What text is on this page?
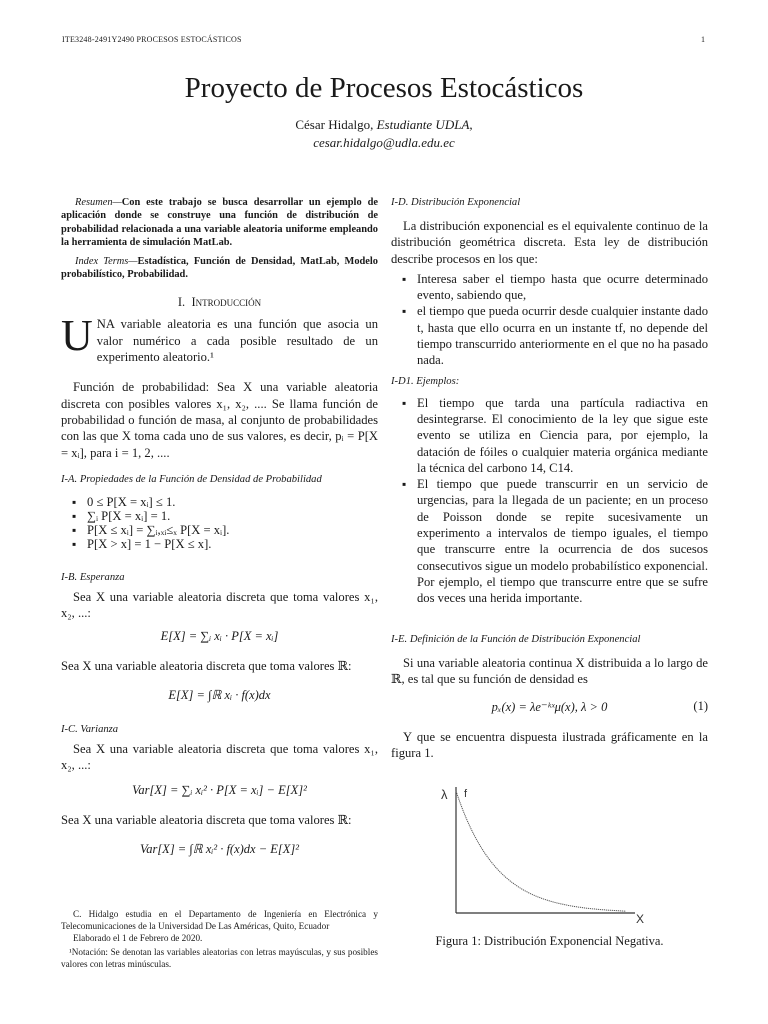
ITE3248-2491Y2490 PROCESOS ESTOCÁSTICOS	1
Proyecto de Procesos Estocásticos
César Hidalgo, Estudiante UDLA,
cesar.hidalgo@udla.edu.ec
Resumen—Con este trabajo se busca desarrollar un ejemplo de aplicación donde se construye una función de distribución de probabilidad relacionada a una variable aleatoria uniforme empleando la herramienta de simulación MatLab.
Index Terms—Estadística, Función de Densidad, MatLab, Modelo probabilístico, Probabilidad.
I. Introducción
UNA variable aleatoria es una función que asocia un valor numérico a cada posible resultado de un experimento aleatorio.¹
Función de probabilidad: Sea X una variable aleatoria discreta con posibles valores x₁, x₂, .... Se llama función de probabilidad o función de masa, al conjunto de probabilidades con las que X toma cada uno de sus valores, es decir, pᵢ = P[X = xᵢ], para i = 1, 2, ....
I-A. Propiedades de la Función de Densidad de Probabilidad
▪ 0 ≤ P[X = xᵢ] ≤ 1.
▪ ∑ᵢ P[X = xᵢ] = 1.
▪ P[X ≤ xᵢ] = ∑ᵢ,ₓᵢ≤ₓ P[X = xᵢ].
▪ P[X > x] = 1 − P[X ≤ x].
I-B. Esperanza
Sea X una variable aleatoria discreta que toma valores x₁, x₂, ...:
E[X] = ∑ᵢ xᵢ · P[X = xᵢ]
Sea X una variable aleatoria discreta que toma valores ℝ:
E[X] = ∫ℝ xᵢ · f(x)dx
I-C. Varianza
Sea X una variable aleatoria discreta que toma valores x₁, x₂, ...:
Var[X] = ∑ᵢ xᵢ² · P[X = xᵢ] − E[X]²
Sea X una variable aleatoria discreta que toma valores ℝ:
Var[X] = ∫ℝ xᵢ² · f(x)dx − E[X]²
C. Hidalgo estudia en el Departamento de Ingeniería en Electrónica y Telecomunicaciones de la Universidad De Las Américas, Quito, Ecuador
Elaborado el 1 de Febrero de 2020.
¹Notación: Se denotan las variables aleatorias con letras mayúsculas, y sus posibles valores con letras minúsculas.
I-D. Distribución Exponencial
La distribución exponencial es el equivalente continuo de la distribución geométrica discreta. Esta ley de distribución describe procesos en los que:
▪ Interesa saber el tiempo hasta que ocurre determinado evento, sabiendo que,
▪ el tiempo que pueda ocurrir desde cualquier instante dado t, hasta que ello ocurra en un instante tf, no depende del tiempo transcurrido anteriormente en el que no ha pasado nada.
I-D1. Ejemplos:
▪ El tiempo que tarda una partícula radiactiva en desintegrarse. El conocimiento de la ley que sigue este evento se utiliza en Ciencia para, por ejemplo, la datación de fóiles o cualquier materia orgánica mediante la técnica del carbono 14, C14.
▪ El tiempo que puede transcurrir en un servicio de urgencias, para la llegada de un paciente; en un proceso de Poisson donde se repite sucesivamente un experimento a intervalos de tiempo iguales, el tiempo que transcurre entre la ocurrencia de dos sucesos consecutivos sigue un modelo probabilístico exponencial. Por ejemplo, el tiempo que transcurre entre que se sufre dos veces una herida importante.
I-E. Definición de la Función de Distribución Exponencial
Si una variable aleatoria continua X distribuida a lo largo de ℝ, es tal que su función de densidad es
pₓ(x) = λe⁻ᵏˣμ(x), λ > 0	(1)
Y que se encuentra dispuesta ilustrada gráficamente en la figura 1.
λ f
X
Figura 1: Distribución Exponencial Negativa.
